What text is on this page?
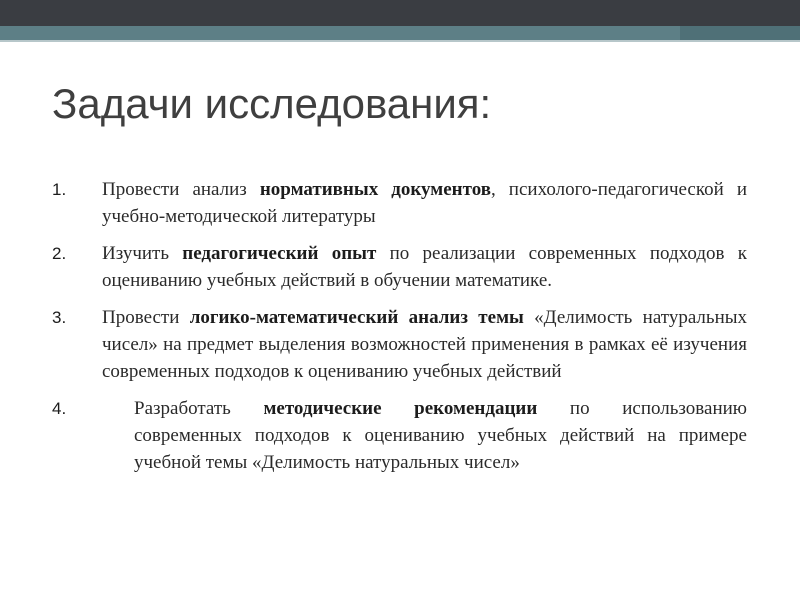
Задачи исследования:
1.	Провести анализ нормативных документов, психолого-педагогической и учебно-методической литературы
2.	Изучить педагогический опыт по реализации современных подходов к оцениванию учебных действий в обучении математике.
3.	Провести логико-математический анализ темы «Делимость натуральных чисел» на предмет выделения возможностей применения в рамках её изучения современных подходов к оцениванию учебных действий
4.	Разработать методические рекомендации по использованию современных подходов к оцениванию учебных действий на примере учебной темы «Делимость натуральных чисел»
